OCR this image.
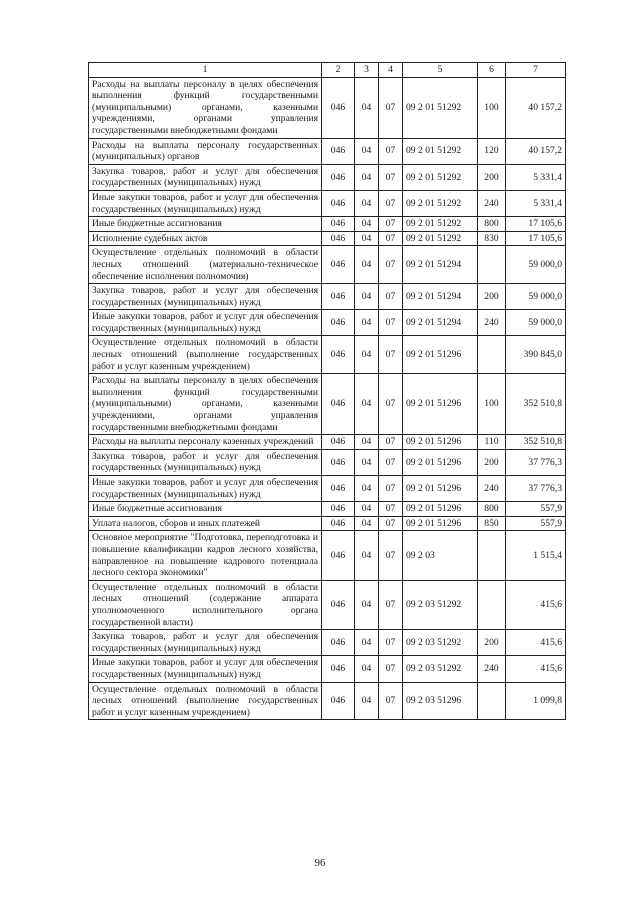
1	2	3	4	5	6	7
Расходы на выплаты персоналу в целях обеспечения выполнения функций государственными (муниципальными) органами, казенными учреждениями, органами управления государственными внебюджетными фондами	046	04	07	09 2 01 51292	100	40 157,2
Расходы на выплаты персоналу государственных (муниципальных) органов	046	04	07	09 2 01 51292	120	40 157,2
Закупка товаров, работ и услуг для обеспечения государственных (муниципальных) нужд	046	04	07	09 2 01 51292	200	5 331,4
Иные закупки товаров, работ и услуг для обеспечения государственных (муниципальных) нужд	046	04	07	09 2 01 51292	240	5 331,4
Иные бюджетные ассигнования	046	04	07	09 2 01 51292	800	17 105,6
Исполнение судебных актов	046	04	07	09 2 01 51292	830	17 105,6
Осуществление отдельных полномочий в области лесных отношений (материально-техническое обеспечение исполнения полномочия)	046	04	07	09 2 01 51294		59 000,0
Закупка товаров, работ и услуг для обеспечения государственных (муниципальных) нужд	046	04	07	09 2 01 51294	200	59 000,0
Иные закупки товаров, работ и услуг для обеспечения государственных (муниципальных) нужд	046	04	07	09 2 01 51294	240	59 000,0
Осуществление отдельных полномочий в области лесных отношений (выполнение государственных работ и услуг казенным учреждением)	046	04	07	09 2 01 51296		390 845,0
Расходы на выплаты персоналу в целях обеспечения выполнения функций государственными (муниципальными) органами, казенными учреждениями, органами управления государственными внебюджетными фондами	046	04	07	09 2 01 51296	100	352 510,8
Расходы на выплаты персоналу казенных учреждений	046	04	07	09 2 01 51296	110	352 510,8
Закупка товаров, работ и услуг для обеспечения государственных (муниципальных) нужд	046	04	07	09 2 01 51296	200	37 776,3
Иные закупки товаров, работ и услуг для обеспечения государственных (муниципальных) нужд	046	04	07	09 2 01 51296	240	37 776,3
Иные бюджетные ассигнования	046	04	07	09 2 01 51296	800	557,9
Уплата налогов, сборов и иных платежей	046	04	07	09 2 01 51296	850	557,9
Основное мероприятие "Подготовка, переподготовка и повышение квалификации кадров лесного хозяйства, направленное на повышение кадрового потенциала лесного сектора экономики"	046	04	07	09 2 03		1 515,4
Осуществление отдельных полномочий в области лесных отношений (содержание аппарата уполномоченного исполнительного органа государственной власти)	046	04	07	09 2 03 51292		415,6
Закупка товаров, работ и услуг для обеспечения государственных (муниципальных) нужд	046	04	07	09 2 03 51292	200	415,6
Иные закупки товаров, работ и услуг для обеспечения государственных (муниципальных) нужд	046	04	07	09 2 03 51292	240	415,6
Осуществление отдельных полномочий в области лесных отношений (выполнение государственных работ и услуг казенным учреждением)	046	04	07	09 2 03 51296		1 099,8
96
